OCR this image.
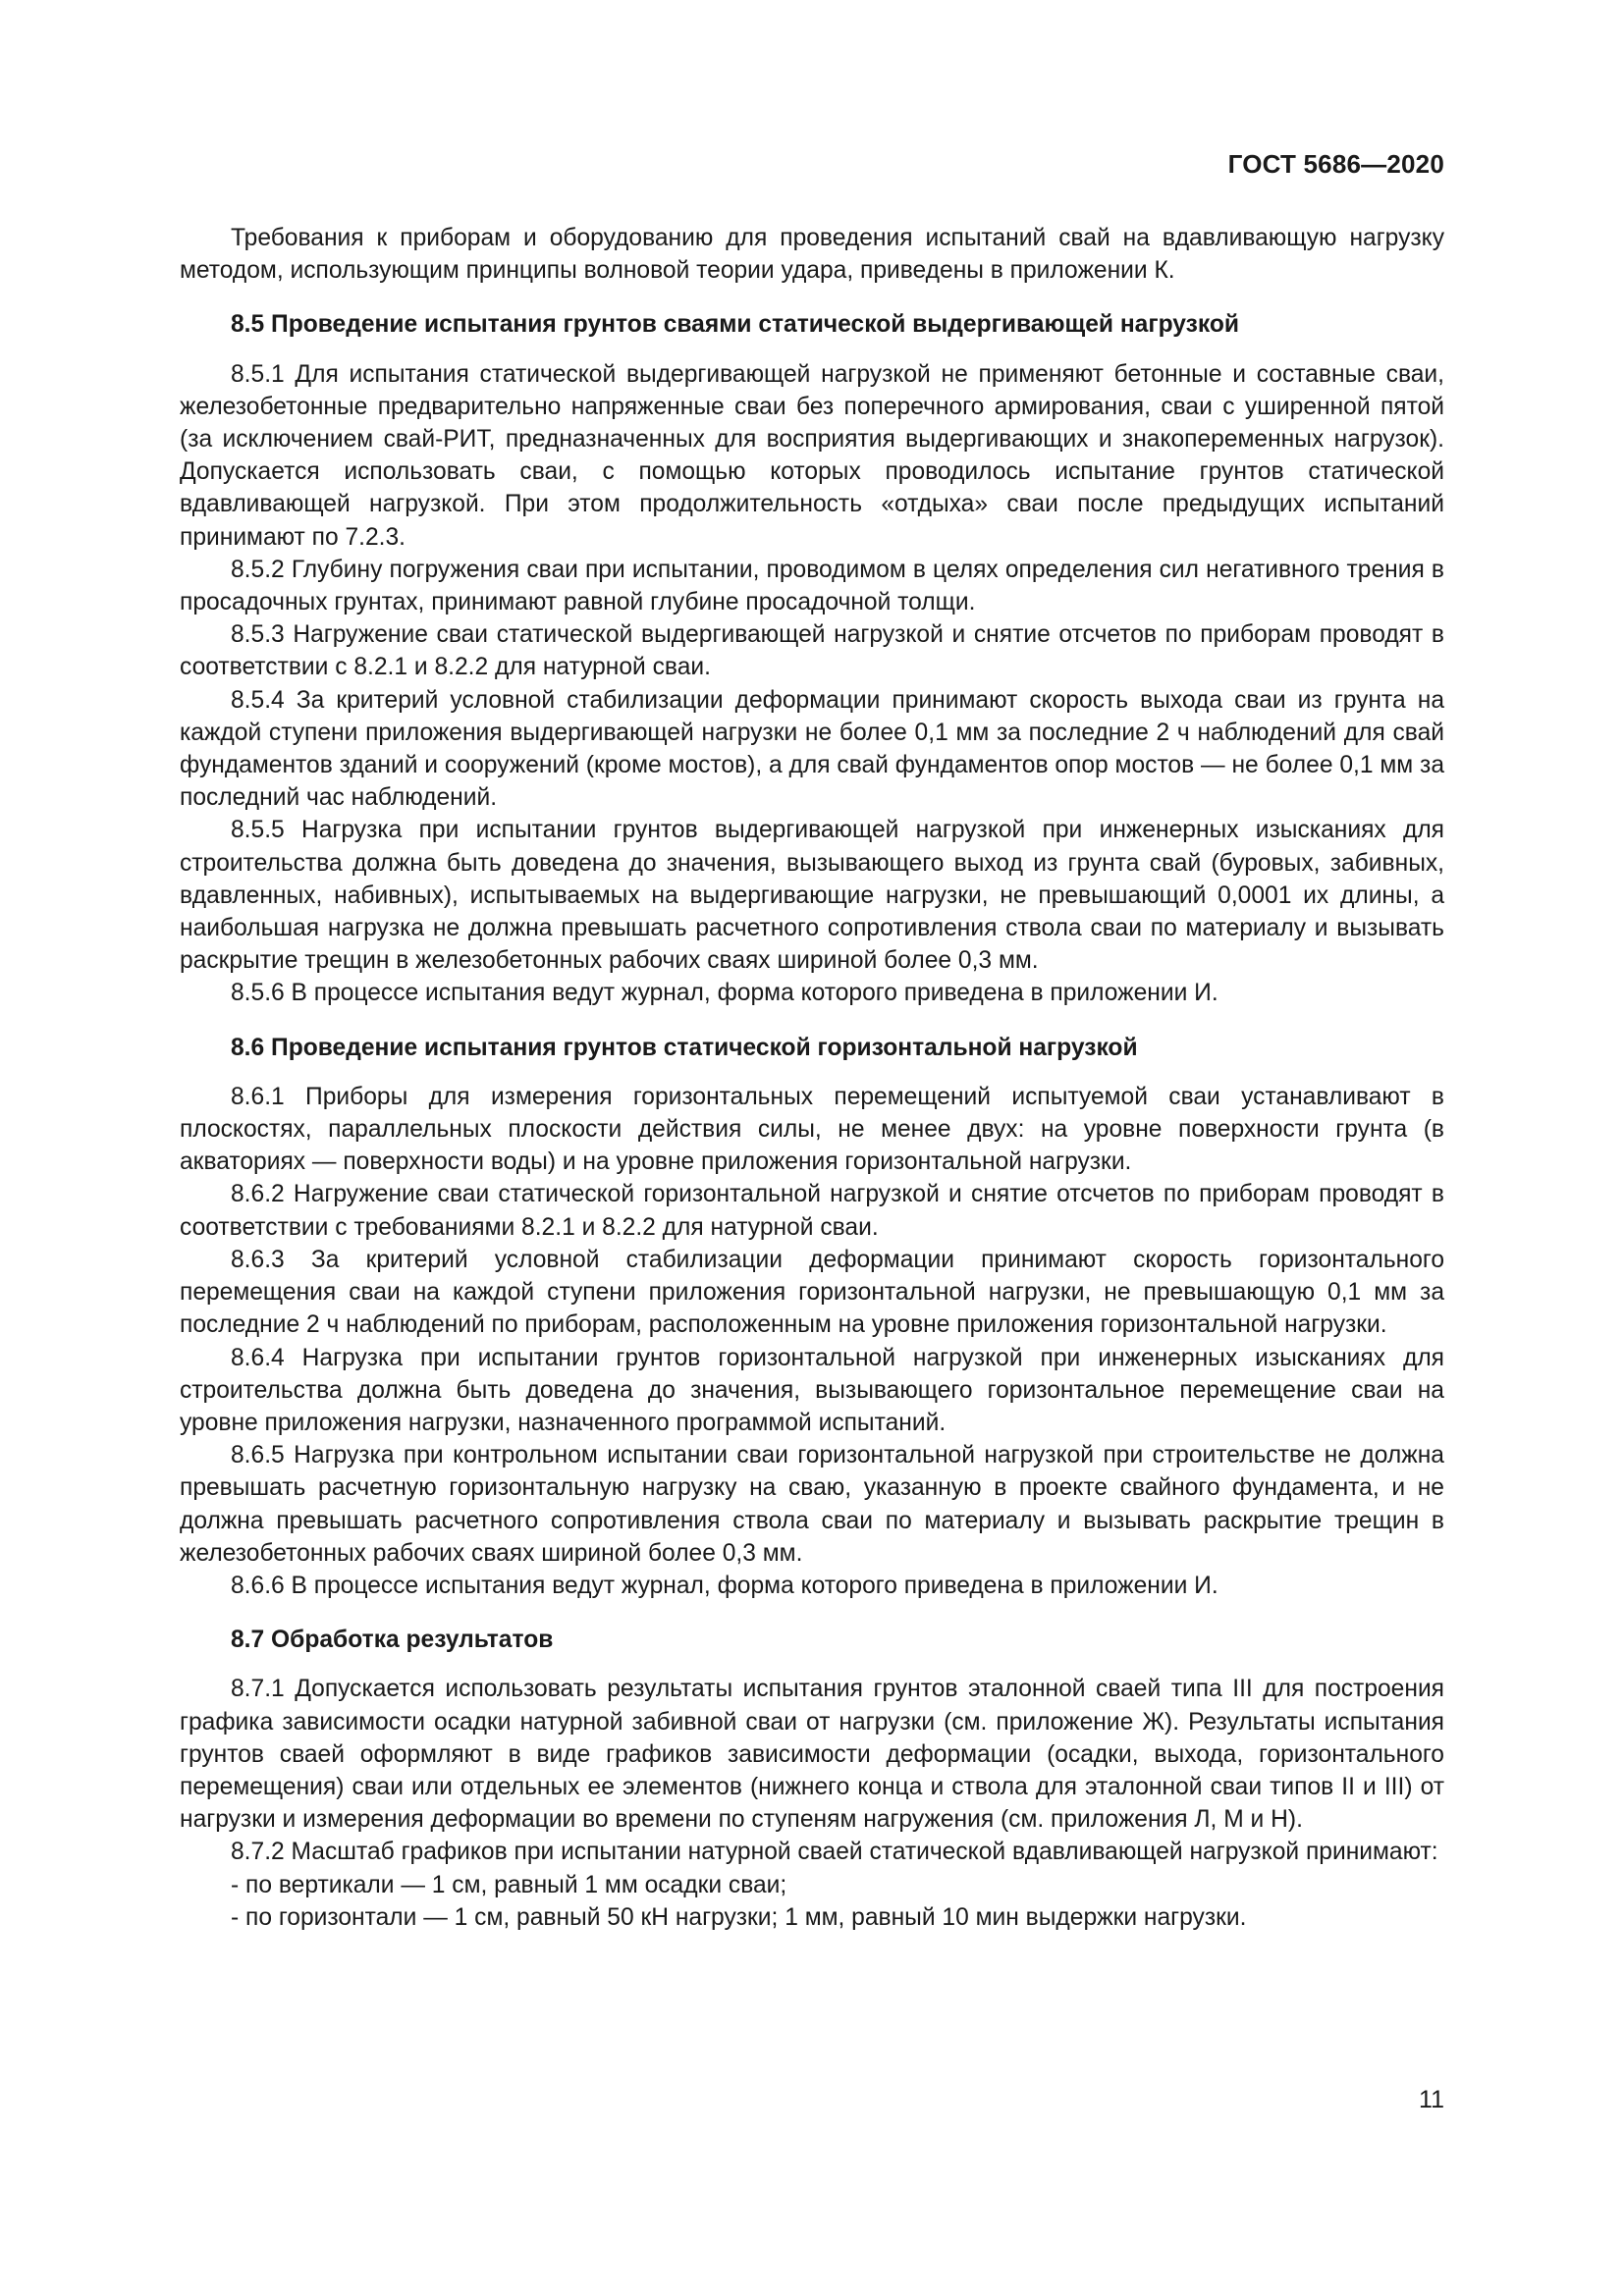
ГОСТ 5686—2020

Требования к приборам и оборудованию для проведения испытаний свай на вдавливающую нагрузку методом, использующим принципы волновой теории удара, приведены в приложении К.

8.5 Проведение испытания грунтов сваями статической выдергивающей нагрузкой

8.5.1 Для испытания статической выдергивающей нагрузкой не применяют бетонные и составные сваи, железобетонные предварительно напряженные сваи без поперечного армирования, сваи с уширенной пятой (за исключением свай-РИТ, предназначенных для восприятия выдергивающих и знакопеременных нагрузок). Допускается использовать сваи, с помощью которых проводилось испытание грунтов статической вдавливающей нагрузкой. При этом продолжительность «отдыха» сваи после предыдущих испытаний принимают по 7.2.3.

8.5.2 Глубину погружения сваи при испытании, проводимом в целях определения сил негативного трения в просадочных грунтах, принимают равной глубине просадочной толщи.

8.5.3 Нагружение сваи статической выдергивающей нагрузкой и снятие отсчетов по приборам проводят в соответствии с 8.2.1 и 8.2.2 для натурной сваи.

8.5.4 За критерий условной стабилизации деформации принимают скорость выхода сваи из грунта на каждой ступени приложения выдергивающей нагрузки не более 0,1 мм за последние 2 ч наблюдений для свай фундаментов зданий и сооружений (кроме мостов), а для свай фундаментов опор мостов — не более 0,1 мм за последний час наблюдений.

8.5.5 Нагрузка при испытании грунтов выдергивающей нагрузкой при инженерных изысканиях для строительства должна быть доведена до значения, вызывающего выход из грунта свай (буровых, забивных, вдавленных, набивных), испытываемых на выдергивающие нагрузки, не превышающий 0,0001 их длины, а наибольшая нагрузка не должна превышать расчетного сопротивления ствола сваи по материалу и вызывать раскрытие трещин в железобетонных рабочих сваях шириной более 0,3 мм.

8.5.6 В процессе испытания ведут журнал, форма которого приведена в приложении И.

8.6 Проведение испытания грунтов статической горизонтальной нагрузкой

8.6.1 Приборы для измерения горизонтальных перемещений испытуемой сваи устанавливают в плоскостях, параллельных плоскости действия силы, не менее двух: на уровне поверхности грунта (в акваториях — поверхности воды) и на уровне приложения горизонтальной нагрузки.

8.6.2 Нагружение сваи статической горизонтальной нагрузкой и снятие отсчетов по приборам проводят в соответствии с требованиями 8.2.1 и 8.2.2 для натурной сваи.

8.6.3 За критерий условной стабилизации деформации принимают скорость горизонтального перемещения сваи на каждой ступени приложения горизонтальной нагрузки, не превышающую 0,1 мм за последние 2 ч наблюдений по приборам, расположенным на уровне приложения горизонтальной нагрузки.

8.6.4 Нагрузка при испытании грунтов горизонтальной нагрузкой при инженерных изысканиях для строительства должна быть доведена до значения, вызывающего горизонтальное перемещение сваи на уровне приложения нагрузки, назначенного программой испытаний.

8.6.5 Нагрузка при контрольном испытании сваи горизонтальной нагрузкой при строительстве не должна превышать расчетную горизонтальную нагрузку на сваю, указанную в проекте свайного фундамента, и не должна превышать расчетного сопротивления ствола сваи по материалу и вызывать раскрытие трещин в железобетонных рабочих сваях шириной более 0,3 мм.

8.6.6 В процессе испытания ведут журнал, форма которого приведена в приложении И.

8.7 Обработка результатов

8.7.1 Допускается использовать результаты испытания грунтов эталонной сваей типа III для построения графика зависимости осадки натурной забивной сваи от нагрузки (см. приложение Ж). Результаты испытания грунтов сваей оформляют в виде графиков зависимости деформации (осадки, выхода, горизонтального перемещения) сваи или отдельных ее элементов (нижнего конца и ствола для эталонной сваи типов II и III) от нагрузки и измерения деформации во времени по ступеням нагружения (см. приложения Л, М и Н).

8.7.2 Масштаб графиков при испытании натурной сваей статической вдавливающей нагрузкой принимают:

- по вертикали — 1 см, равный 1 мм осадки сваи;

- по горизонтали — 1 см, равный 50 кН нагрузки; 1 мм, равный 10 мин выдержки нагрузки.

11
